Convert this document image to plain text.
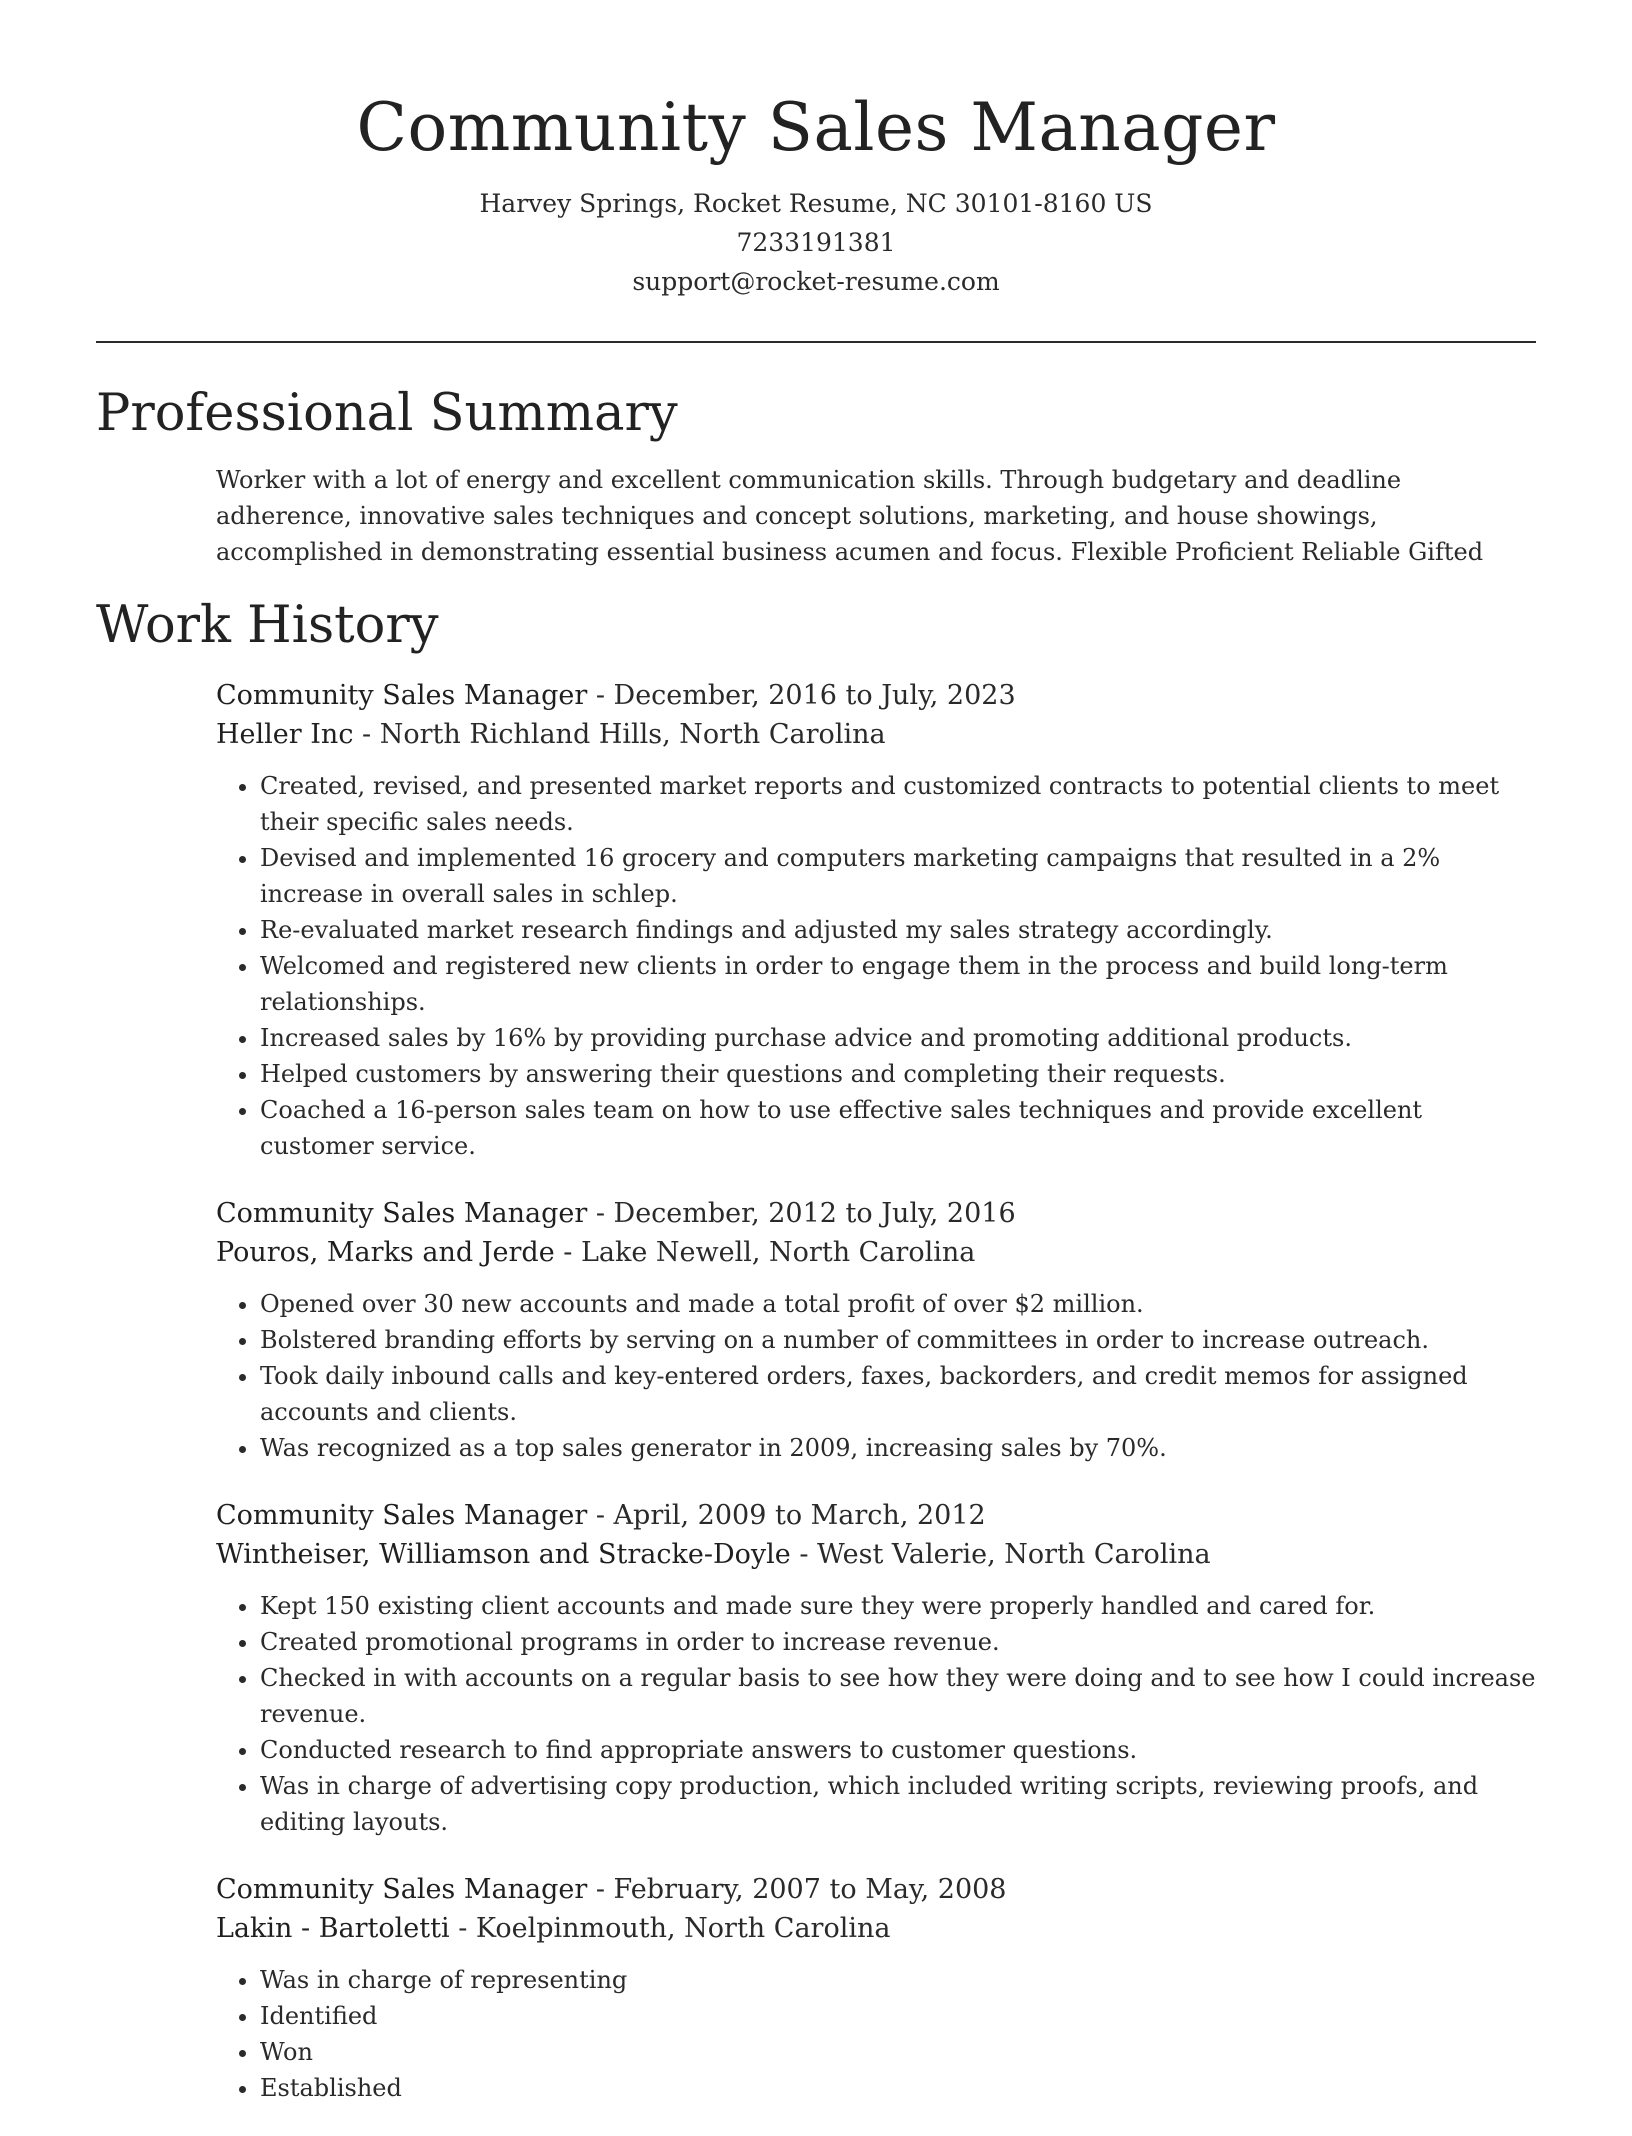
Community Sales Manager
Harvey Springs, Rocket Resume, NC 30101-8160 US
7233191381
support@rocket-resume.com
Professional Summary
Worker with a lot of energy and excellent communication skills. Through budgetary and deadline adherence, innovative sales techniques and concept solutions, marketing, and house showings, accomplished in demonstrating essential business acumen and focus. Flexible Proficient Reliable Gifted
Work History
Community Sales Manager - December, 2016 to July, 2023
Heller Inc - North Richland Hills, North Carolina
• Created, revised, and presented market reports and customized contracts to potential clients to meet their specific sales needs.
• Devised and implemented 16 grocery and computers marketing campaigns that resulted in a 2% increase in overall sales in schlep.
• Re-evaluated market research findings and adjusted my sales strategy accordingly.
• Welcomed and registered new clients in order to engage them in the process and build long-term relationships.
• Increased sales by 16% by providing purchase advice and promoting additional products.
• Helped customers by answering their questions and completing their requests.
• Coached a 16-person sales team on how to use effective sales techniques and provide excellent customer service.
Community Sales Manager - December, 2012 to July, 2016
Pouros, Marks and Jerde - Lake Newell, North Carolina
• Opened over 30 new accounts and made a total profit of over $2 million.
• Bolstered branding efforts by serving on a number of committees in order to increase outreach.
• Took daily inbound calls and key-entered orders, faxes, backorders, and credit memos for assigned accounts and clients.
• Was recognized as a top sales generator in 2009, increasing sales by 70%.
Community Sales Manager - April, 2009 to March, 2012
Wintheiser, Williamson and Stracke-Doyle - West Valerie, North Carolina
• Kept 150 existing client accounts and made sure they were properly handled and cared for.
• Created promotional programs in order to increase revenue.
• Checked in with accounts on a regular basis to see how they were doing and to see how I could increase revenue.
• Conducted research to find appropriate answers to customer questions.
• Was in charge of advertising copy production, which included writing scripts, reviewing proofs, and editing layouts.
Community Sales Manager - February, 2007 to May, 2008
Lakin - Bartoletti - Koelpinmouth, North Carolina
• Was in charge of representing
• Identified
• Won
• Established
